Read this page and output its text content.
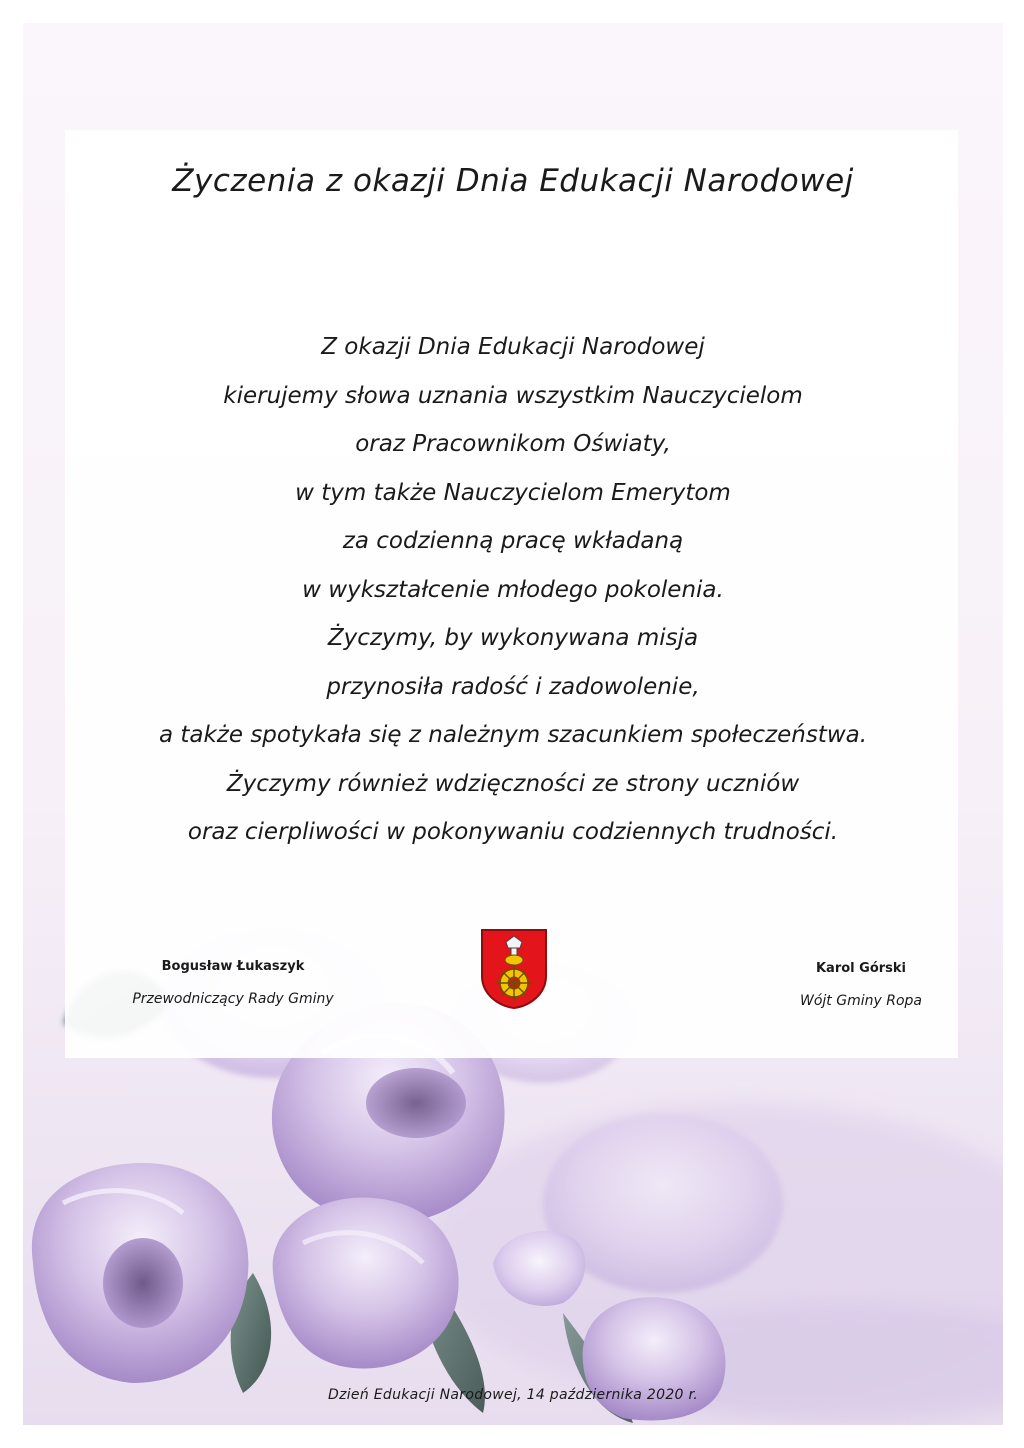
Życzenia z okazji Dnia Edukacji Narodowej
Z okazji Dnia Edukacji Narodowej
kierujemy słowa uznania wszystkim Nauczycielom
oraz Pracownikom Oświaty,
w tym także Nauczycielom Emerytom
za codzienną pracę wkładaną
w wykształcenie młodego pokolenia.
Życzymy, by wykonywana misja
przynosiła radość i zadowolenie,
a także spotykała się z należnym szacunkiem społeczeństwa.
Życzymy również wdzięczności ze strony uczniów
oraz cierpliwości w pokonywaniu codziennych trudności.
Bogusław Łukaszyk
Przewodniczący Rady Gminy
Karol Górski
Wójt Gminy Ropa
Dzień Edukacji Narodowej, 14 października 2020 r.
